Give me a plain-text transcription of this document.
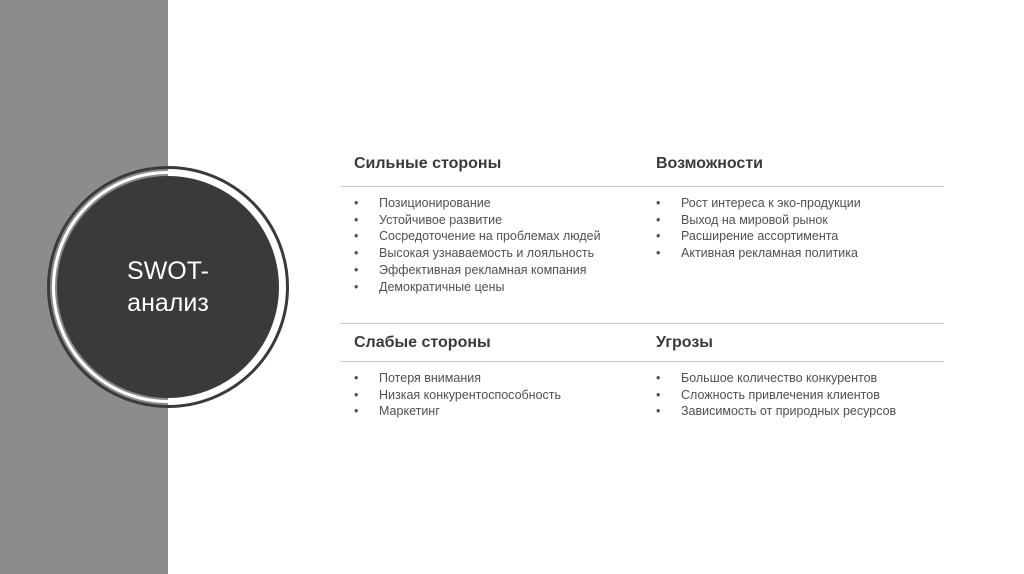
SWOT-
анализ
Сильные стороны
• Позиционирование
• Устойчивое развитие
• Сосредоточение на проблемах людей
• Высокая узнаваемость и лояльность
• Эффективная рекламная компания
• Демократичные цены
Возможности
• Рост интереса к эко-продукции
• Выход на мировой рынок
• Расширение ассортимента
• Активная рекламная политика
Слабые стороны
• Потеря внимания
• Низкая конкурентоспособность
• Маркетинг
Угрозы
• Большое количество конкурентов
• Сложность привлечения клиентов
• Зависимость от природных ресурсов
